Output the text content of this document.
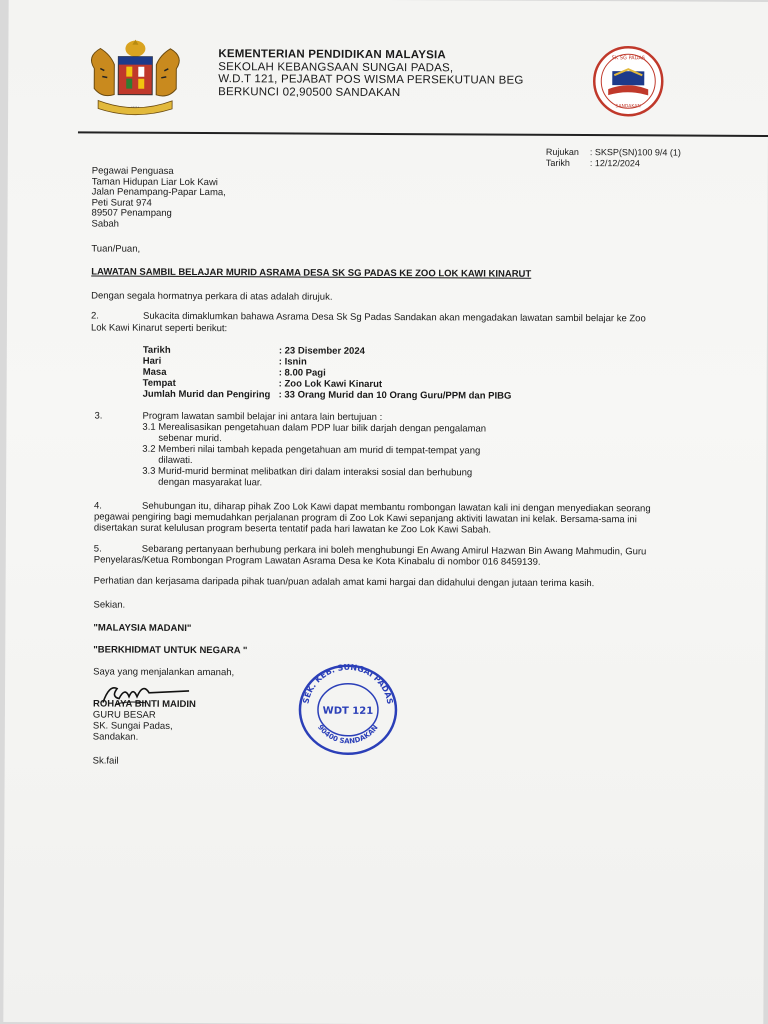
·····
KEMENTERIAN PENDIDIKAN MALAYSIA
SEKOLAH KEBANGSAAN SUNGAI PADAS,
W.D.T 121, PEJABAT POS WISMA PERSEKUTUAN BEG
BERKUNCI 02,90500 SANDAKAN
SK SG PADAS
SANDAKAN
Rujukan : SKSP(SN)100 9/4 (1)
Tarikh : 12/12/2024
Pegawai Penguasa
Taman Hidupan Liar Lok Kawi
Jalan Penampang-Papar Lama,
Peti Surat 974
89507 Penampang
Sabah
Tuan/Puan,
LAWATAN SAMBIL BELAJAR MURID ASRAMA DESA SK SG PADAS KE ZOO LOK KAWI KINARUT
Dengan segala hormatnya perkara di atas adalah dirujuk.
2.	Sukacita dimaklumkan bahawa Asrama Desa Sk Sg Padas Sandakan akan mengadakan lawatan sambil belajar ke Zoo
Lok Kawi Kinarut seperti berikut:
Tarikh	: 23 Disember 2024
Hari	: Isnin
Masa	: 8.00 Pagi
Tempat	: Zoo Lok Kawi Kinarut
Jumlah Murid dan Pengiring : 33 Orang Murid dan 10 Orang Guru/PPM dan PIBG
3.	Program lawatan sambil belajar ini antara lain bertujuan :
3.1 Merealisasikan pengetahuan dalam PDP luar bilik darjah dengan pengalaman
sebenar murid.
3.2 Memberi nilai tambah kepada pengetahuan am murid di tempat-tempat yang
dilawati.
3.3 Murid-murid berminat melibatkan diri dalam interaksi sosial dan berhubung
dengan masyarakat luar.
4.	Sehubungan itu, diharap pihak Zoo Lok Kawi dapat membantu rombongan lawatan kali ini dengan menyediakan seorang
pegawai pengiring bagi memudahkan perjalanan program di Zoo Lok Kawi sepanjang aktiviti lawatan ini kelak. Bersama-sama ini
disertakan surat kelulusan program beserta tentatif pada hari lawatan ke Zoo Lok Kawi Sabah.
5.	Sebarang pertanyaan berhubung perkara ini boleh menghubungi En Awang Amirul Hazwan Bin Awang Mahmudin, Guru
Penyelaras/Ketua Rombongan Program Lawatan Asrama Desa ke Kota Kinabalu di nombor 016 8459139.
Perhatian dan kerjasama daripada pihak tuan/puan adalah amat kami hargai dan didahului dengan jutaan terima kasih.
Sekian.
"MALAYSIA MADANI"
"BERKHIDMAT UNTUK NEGARA "
Saya yang menjalankan amanah,
ROHAYA BINTI MAIDIN
GURU BESAR
SK. Sungai Padas,
Sandakan.
SEK. KEB. SUNGAI PADAS
WDT 121
90400 SANDAKAN
Sk.fail
